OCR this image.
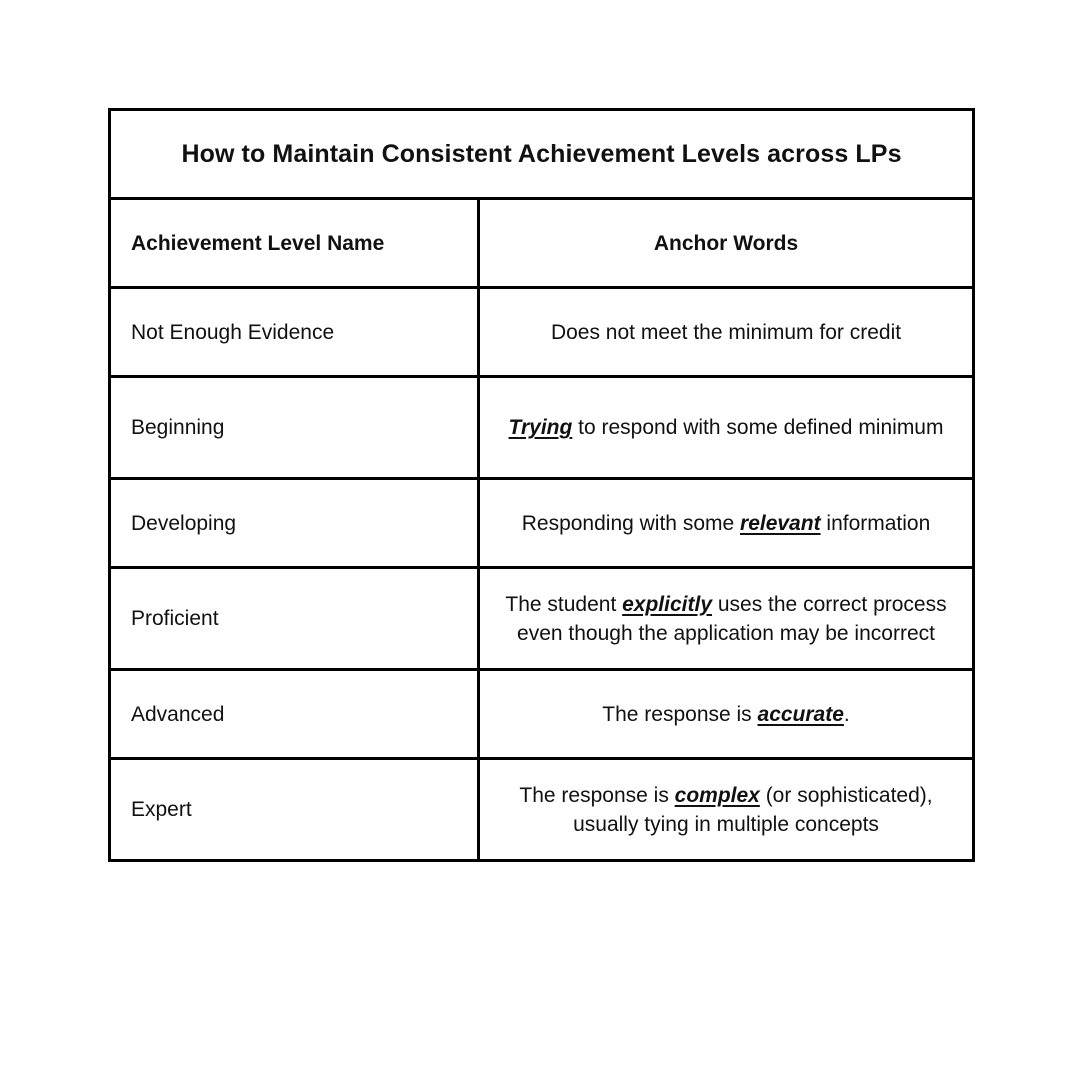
How to Maintain Consistent Achievement Levels across LPs	
Achievement Level Name	Anchor Words
Not Enough Evidence	Does not meet the minimum for credit
Beginning	Trying to respond with some defined minimum
Developing	Responding with some relevant information
Proficient	The student explicitly uses the correct process even though the application may be incorrect
Advanced	The response is accurate.
Expert	The response is complex (or sophisticated), usually tying in multiple concepts
